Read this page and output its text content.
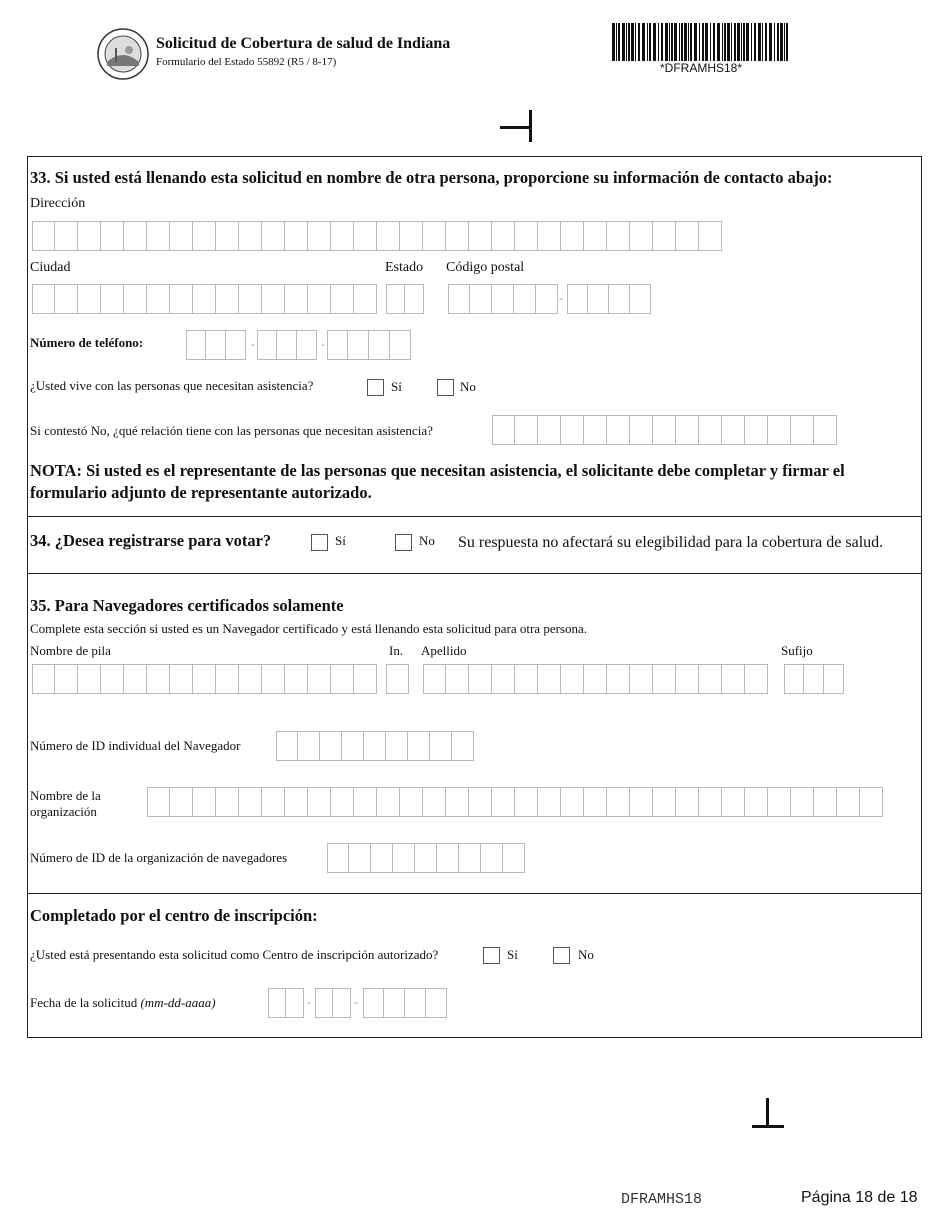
Solicitud de Cobertura de salud de Indiana
Formulario del Estado 55892 (R5 / 8-17)	*DFRAMHS18*
33. Si usted está llenando esta solicitud en nombre de otra persona, proporcione su información de contacto abajo:
Dirección
Ciudad	Estado Código postal
-
Número de teléfono:	-	-
¿Usted vive con las personas que necesitan asistencia?	Sí	No
Si contestó No, ¿qué relación tiene con las personas que necesitan asistencia?
NOTA: Si usted es el representante de las personas que necesitan asistencia, el solicitante debe completar y firmar el formulario adjunto de representante autorizado.
34. ¿Desea registrarse para votar?	Sí	No Su respuesta no afectará su elegibilidad para la cobertura de salud.
35. Para Navegadores certificados solamente
Complete esta sección si usted es un Navegador certificado y está llenando esta solicitud para otra persona.
Nombre de pila	In. Apellido	Sufijo
Número de ID individual del Navegador
Nombre de la
organización
Número de ID de la organización de navegadores
Completado por el centro de inscripción:
¿Usted está presentando esta solicitud como Centro de inscripción autorizado?	Sí	No
Fecha de la solicitud (mm-dd-aaaa)	-	-
DFRAMHS18	Página 18 de 18
